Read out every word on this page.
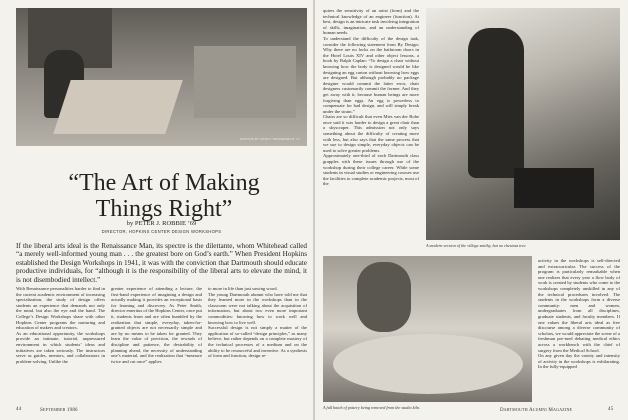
PHOTOS BY NANCY WASSERMAN ’77
“The Art of Making Things Right”
by PETER J. ROBBIE ’69
DIRECTOR, HOPKINS CENTER DESIGN WORKSHOPS
If the liberal arts ideal is the Renaissance Man, its spectre is the dilettante, whom Whitehead called “a merely well-informed young man . . . the greatest bore on God’s earth.” When President Hopkins established the Design Workshops in 1941, it was with the conviction that Dartmouth should educate productive individuals, for “although it is the responsibility of the liberal arts to elevate the mind, it is not disembodied intellect.”
With Renaissance personalities harder to find in the current academic environment of increasing specialization, the study of design offers students an experience that demands not only the mind, but also the eye and the hand. The College’s Design Workshops share with other Hopkins Center programs the nurturing and education of makers and creators.
As an educational opportunity, the workshops provide an intimate, tutorial, unpressured environment in which students’ ideas and initiatives are taken seriously. The instructors serve as guides, mentors, and collaborators in problem-solving. Unlike the
greater experience of attending a lecture, the first-hand experience of imagining a design and actually making it provides an exceptional basis for learning and discovery. As Peter Smith, director emeritus of the Hopkins Center, once put it, students learn and are often humbled by the realization that simple, everyday, taken-for-granted objects are not necessarily simple and are by no means to be taken for granted. They learn the value of precision, the rewards of discipline and patience, the desirability of planning ahead, the necessity of understanding one’s material, and the realization that “measure twice and cut once” applies
to more in life than just sawing wood.
The young Dartmouth alumni who have told me that they learned more in the workshops than in the classroom were not talking about the acquisition of information, but about two even more important commodities: knowing how to work well and knowing how to live well.
Successful design is not simply a matter of the application of so-called “design principles,” as many believe, but rather depends on a complete mastery of the technical processes of a medium and on the ability to be resourceful and inventive. As a synthesis of form and function, design re-
quires the sensitivity of an artist (form) and the technical knowledge of an engineer (function). At best, design is an intricate task involving integration of skills, imagination, and an understanding of human needs.
To understand the difficulty of the design task, consider the following statement from By Design: Why there are no locks on the bathroom doors in the Hotel Louis XIV and other object lessons, a book by Ralph Caplan: “To design a chair without knowing how the body is designed would be like designing an egg carton without knowing how eggs are designed. But although probably no package designer would commit the latter error, chair designers customarily commit the former. And they get away with it, because human beings are more forgiving than eggs. An egg is powerless to compensate for bad design, and will simply break under the strain.”
Chairs are so difficult that even Mies van der Rohe once said it was harder to design a great chair than a skyscraper. This admission not only says something about the difficulty of creating more with less, but also says that the same process that we use to design simple, everyday objects can be used to solve greater problems.
Approximately one-third of each Dartmouth class grapples with these issues through use of the workshop during their college career. While some students in visual studies or engineering courses use the facilities to complete academic projects, most of the
A modern version of the village smithy, but no chestnut tree.
A full batch of pottery being removed from the studio kiln.
activity in the workshops is self-directed and extracurricular. The success of the program is particularly remarkable when one realizes that every year a flow body of work is created by students who come to the workshops completely unskilled in any of the technical procedures involved. The students in the workshops form a diverse community: men and women, undergraduates from all disciplines, graduate students, and faculty members. If one values the liberal arts ideal as free discourse among a diverse community of scholars, we would appreciate the scene of a freshman pre-med debating medical ethics across a workbench with the chief of surgery from the Medical School.
On any given day the variety and intensity of activity in the workshops is exhilarating. In the fully-equipped
44	September 1986	Dartmouth Alumni Magazine	45
